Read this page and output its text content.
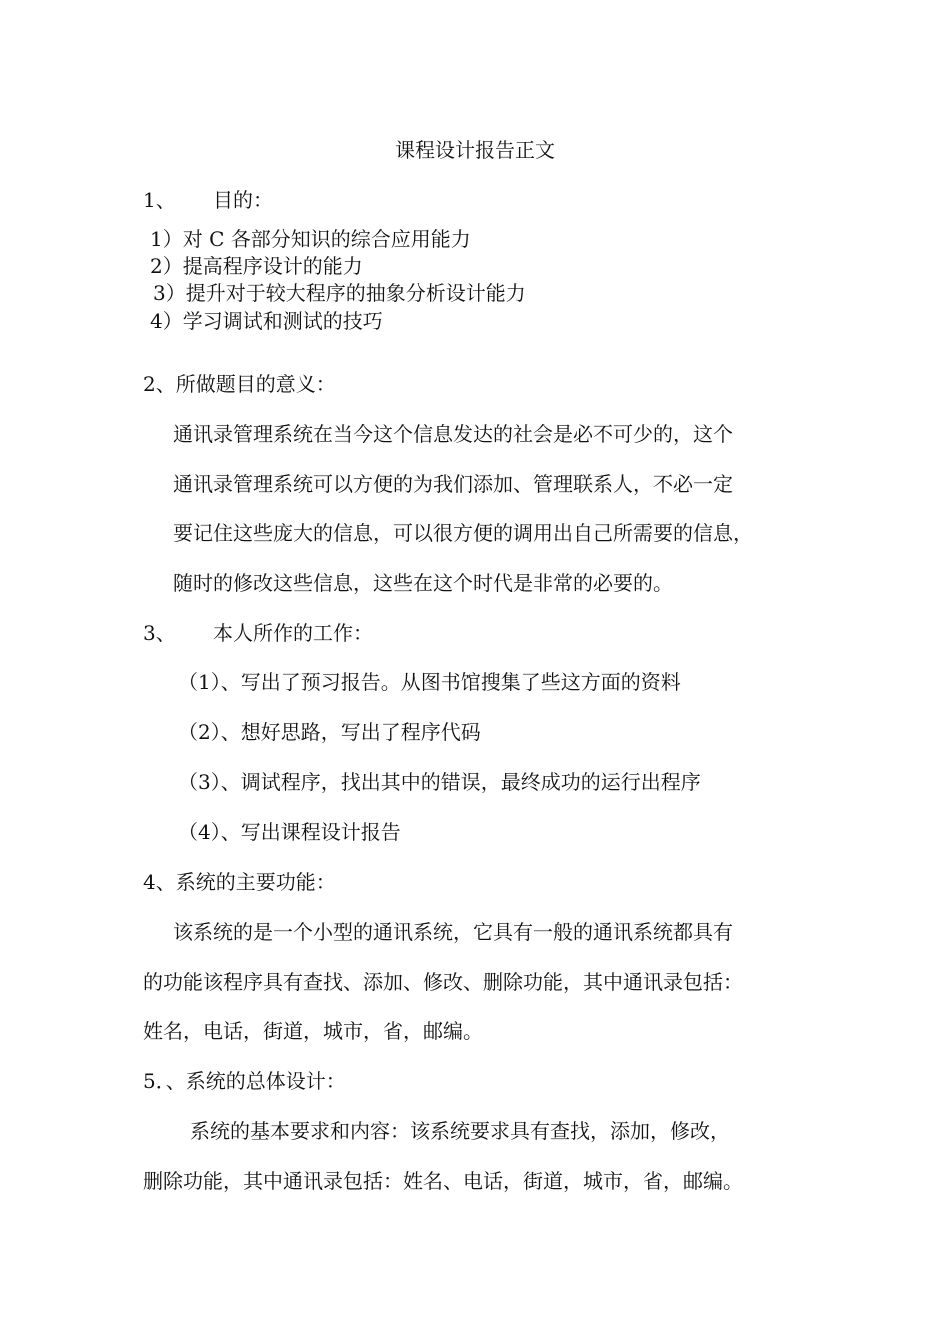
课程设计报告正文
1、 目的：
1）对 C 各部分知识的综合应用能力
2）提高程序设计的能力
3）提升对于较大程序的抽象分析设计能力
4）学习调试和测试的技巧
2、所做题目的意义：
通讯录管理系统在当今这个信息发达的社会是必不可少的，这个
通讯录管理系统可以方便的为我们添加、管理联系人，不必一定
要记住这些庞大的信息，可以很方便的调用出自己所需要的信息，
随时的修改这些信息，这些在这个时代是非常的必要的。
3、 本人所作的工作：
（1）、写出了预习报告。从图书馆搜集了些这方面的资料
（2）、想好思路，写出了程序代码
（3）、调试程序，找出其中的错误，最终成功的运行出程序
（4）、写出课程设计报告
4、系统的主要功能：
该系统的是一个小型的通讯系统，它具有一般的通讯系统都具有
的功能该程序具有查找、添加、修改、删除功能，其中通讯录包括：
姓名，电话，街道，城市，省，邮编。
5．、系统的总体设计：
系统的基本要求和内容：该系统要求具有查找，添加，修改，
删除功能，其中通讯录包括：姓名、电话，街道，城市，省，邮编。
